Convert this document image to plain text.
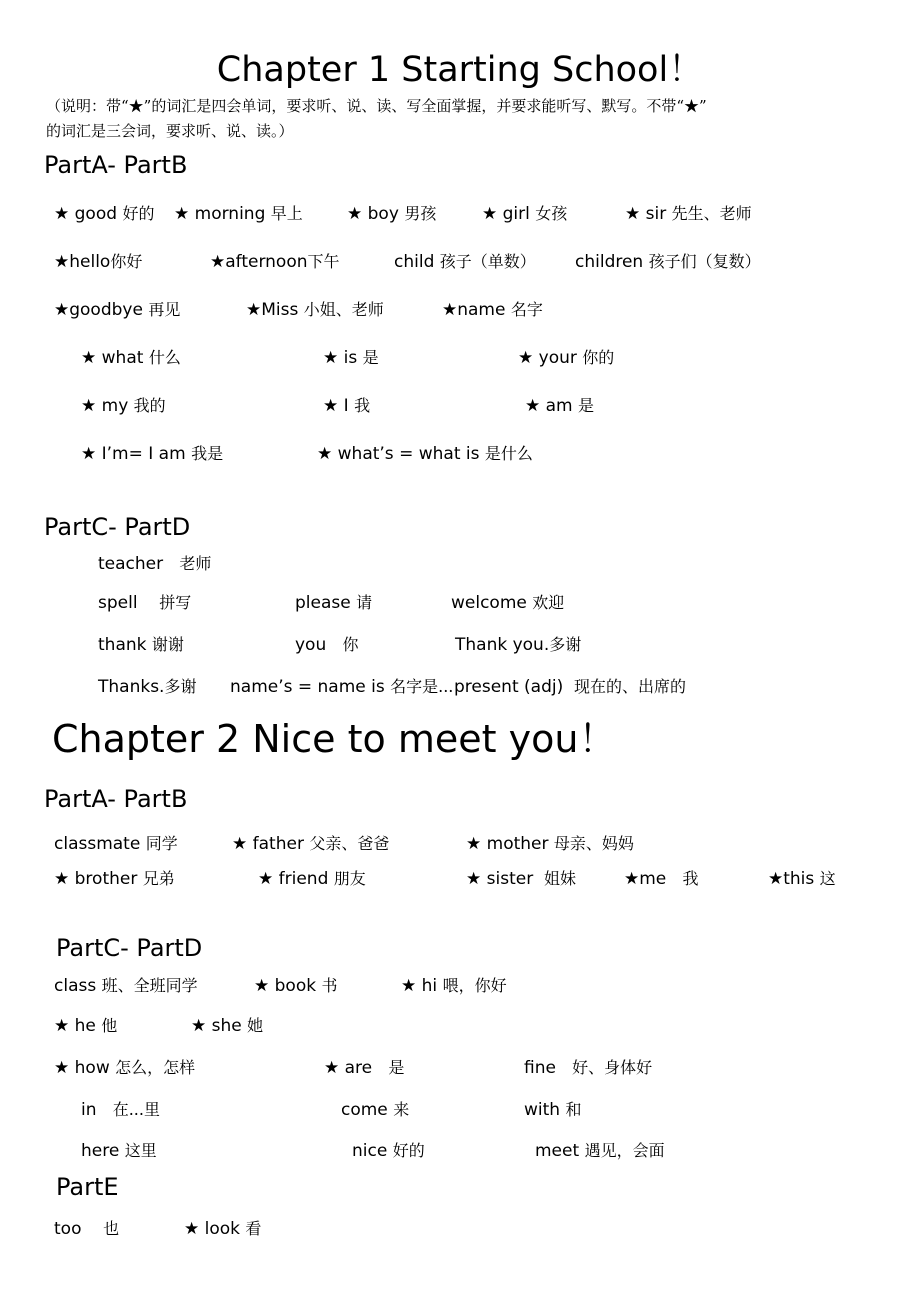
Chapter 1 Starting School！
（说明：带“★”的词汇是四会单词，要求听、说、读、写全面掌握，并要求能听写、默写。不带“★”
的词汇是三会词，要求听、说、读。）
PartA- PartB
★ good 好的 ★ morning 早上	★ boy 男孩	★ girl 女孩	★ sir 先生、老师
★hello你好	★afternoon下午	child 孩子（单数） children 孩子们（复数）
★goodbye 再见	★Miss 小姐、老师	★name 名字
★ what 什么	★ is 是	★ your 你的
★ my 我的	★ I 我	★ am 是
★ I’m= I am 我是	★ what’s = what is 是什么
PartC- PartD
teacher 老师
spell 拼写	please 请	welcome 欢迎
thank 谢谢	you 你	Thank you.多谢
Thanks.多谢 name’s = name is 名字是... present (adj) 现在的、出席的
Chapter 2 Nice to meet you！
PartA- PartB
classmate 同学	★ father 父亲、爸爸	★ mother 母亲、妈妈
★ brother 兄弟	★ friend 朋友	★ sister 姐妹	★me 我	★this 这
PartC- PartD
class 班、全班同学	★ book 书	★ hi 喂，你好
★ he 他	★ she 她
★ how 怎么，怎样	★ are 是	fine 好、身体好
in 在...里	come 来	with 和
here 这里	nice 好的	meet 遇见，会面
PartE
too 也	★ look 看
